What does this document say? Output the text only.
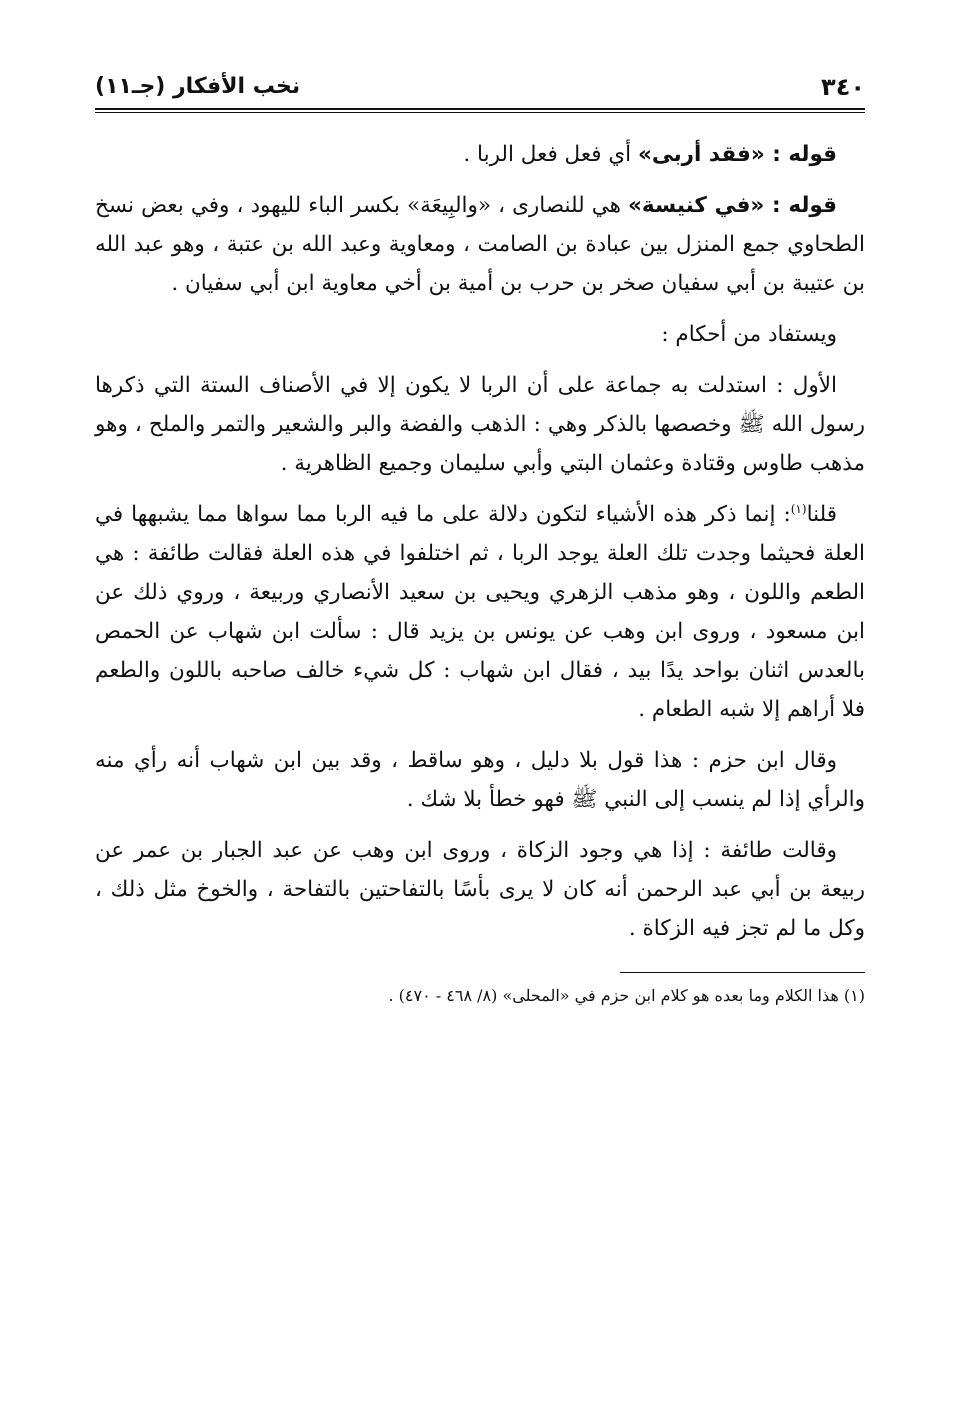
٣٤٠
نخب الأفكار (جـ١١)

قوله : «فقد أربى» أي فعل فعل الربا .

قوله : «في كنيسة» هي للنصارى ، «والبِيعَة» بكسر الباء لليهود ، وفي بعض نسخ الطحاوي جمع المنزل بين عبادة بن الصامت ، ومعاوية وعبد الله بن عتبة ، وهو عبد الله بن عتيبة بن أبي سفيان صخر بن حرب بن أمية بن أخي معاوية ابن أبي سفيان .

ويستفاد من أحكام :

الأول : استدلت به جماعة على أن الربا لا يكون إلا في الأصناف الستة التي ذكرها رسول الله ﷺ وخصصها بالذكر وهي : الذهب والفضة والبر والشعير والتمر والملح ، وهو مذهب طاوس وقتادة وعثمان البتي وأبي سليمان وجميع الظاهرية .

قلنا$^{(١)}$: إنما ذكر هذه الأشياء لتكون دلالة على ما فيه الربا مما سواها مما يشبهها في العلة فحيثما وجدت تلك العلة يوجد الربا ، ثم اختلفوا في هذه العلة فقالت طائفة : هي الطعم واللون ، وهو مذهب الزهري ويحيى بن سعيد الأنصاري وربيعة ، وروي ذلك عن ابن مسعود ، وروى ابن وهب عن يونس بن يزيد قال : سألت ابن شهاب عن الحمص بالعدس اثنان بواحد يدًا بيد ، فقال ابن شهاب : كل شيء خالف صاحبه باللون والطعم فلا أراهم إلا شبه الطعام .

وقال ابن حزم : هذا قول بلا دليل ، وهو ساقط ، وقد بين ابن شهاب أنه رأي منه والرأي إذا لم ينسب إلى النبي ﷺ فهو خطأ بلا شك .

وقالت طائفة : إذا هي وجود الزكاة ، وروى ابن وهب عن عبد الجبار بن عمر عن ربيعة بن أبي عبد الرحمن أنه كان لا يرى بأسًا بالتفاحتين بالتفاحة ، والخوخ مثل ذلك ، وكل ما لم تجز فيه الزكاة .

(١) هذا الكلام وما بعده هو كلام ابن حزم في «المحلى» (٨/ ٤٦٨ - ٤٧٠) .
